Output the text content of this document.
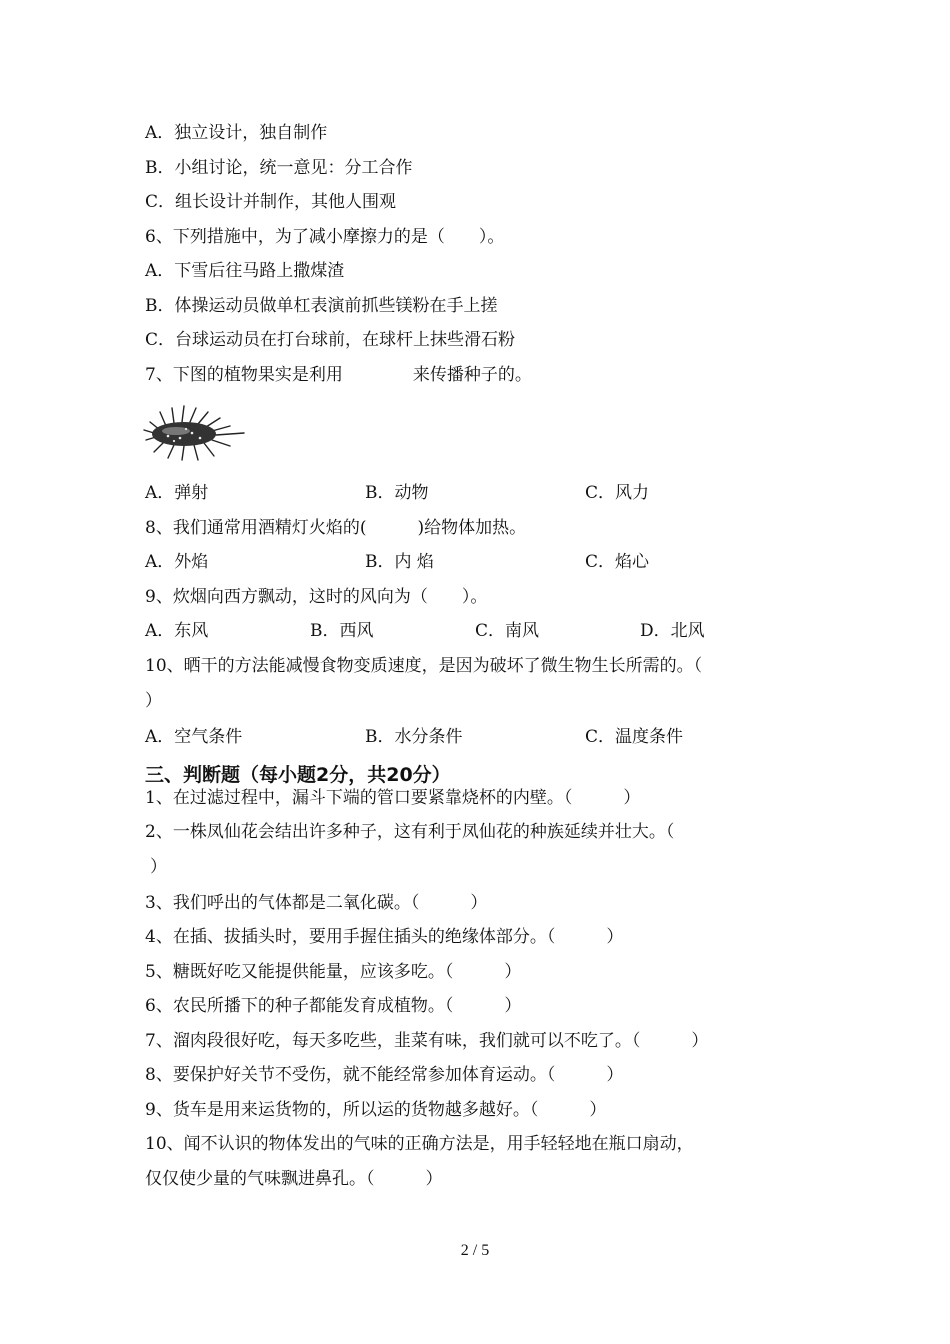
A．独立设计，独自制作
B．小组讨论，统一意见：分工合作
C．组长设计并制作，其他人围观
6、下列措施中，为了减小摩擦力的是（　　）。
A．下雪后往马路上撒煤渣
B．体操运动员做单杠表演前抓些镁粉在手上搓
C．台球运动员在打台球前，在球杆上抹些滑石粉
7、下图的植物果实是利用	来传播种子的。
A．弹射	B．动物	C．风力
8、我们通常用酒精灯火焰的(　　　)给物体加热。
A．外焰	B．内 焰	C．焰心
9、炊烟向西方飘动，这时的风向为（　　）。
A．东风	B．西风	C．南风	D．北风
10、晒干的方法能减慢食物变质速度，是因为破坏了微生物生长所需的。（
）
A．空气条件	B．水分条件	C．温度条件
三、判断题（每小题2分，共20分）
1、在过滤过程中，漏斗下端的管口要紧靠烧杯的内壁。（　　　）
2、一株凤仙花会结出许多种子，这有利于凤仙花的种族延续并壮大。（
）
3、我们呼出的气体都是二氧化碳。（　　　）
4、在插、拔插头时，要用手握住插头的绝缘体部分。（　　　）
5、糖既好吃又能提供能量，应该多吃。（　　　）
6、农民所播下的种子都能发育成植物。（　　　）
7、溜肉段很好吃，每天多吃些，韭菜有味，我们就可以不吃了。（　　　）
8、要保护好关节不受伤，就不能经常参加体育运动。（　　　）
9、货车是用来运货物的，所以运的货物越多越好。（　　　）
10、闻不认识的物体发出的气味的正确方法是，用手轻轻地在瓶口扇动，
仅仅使少量的气味飘进鼻孔。（　　　）
2 / 5
